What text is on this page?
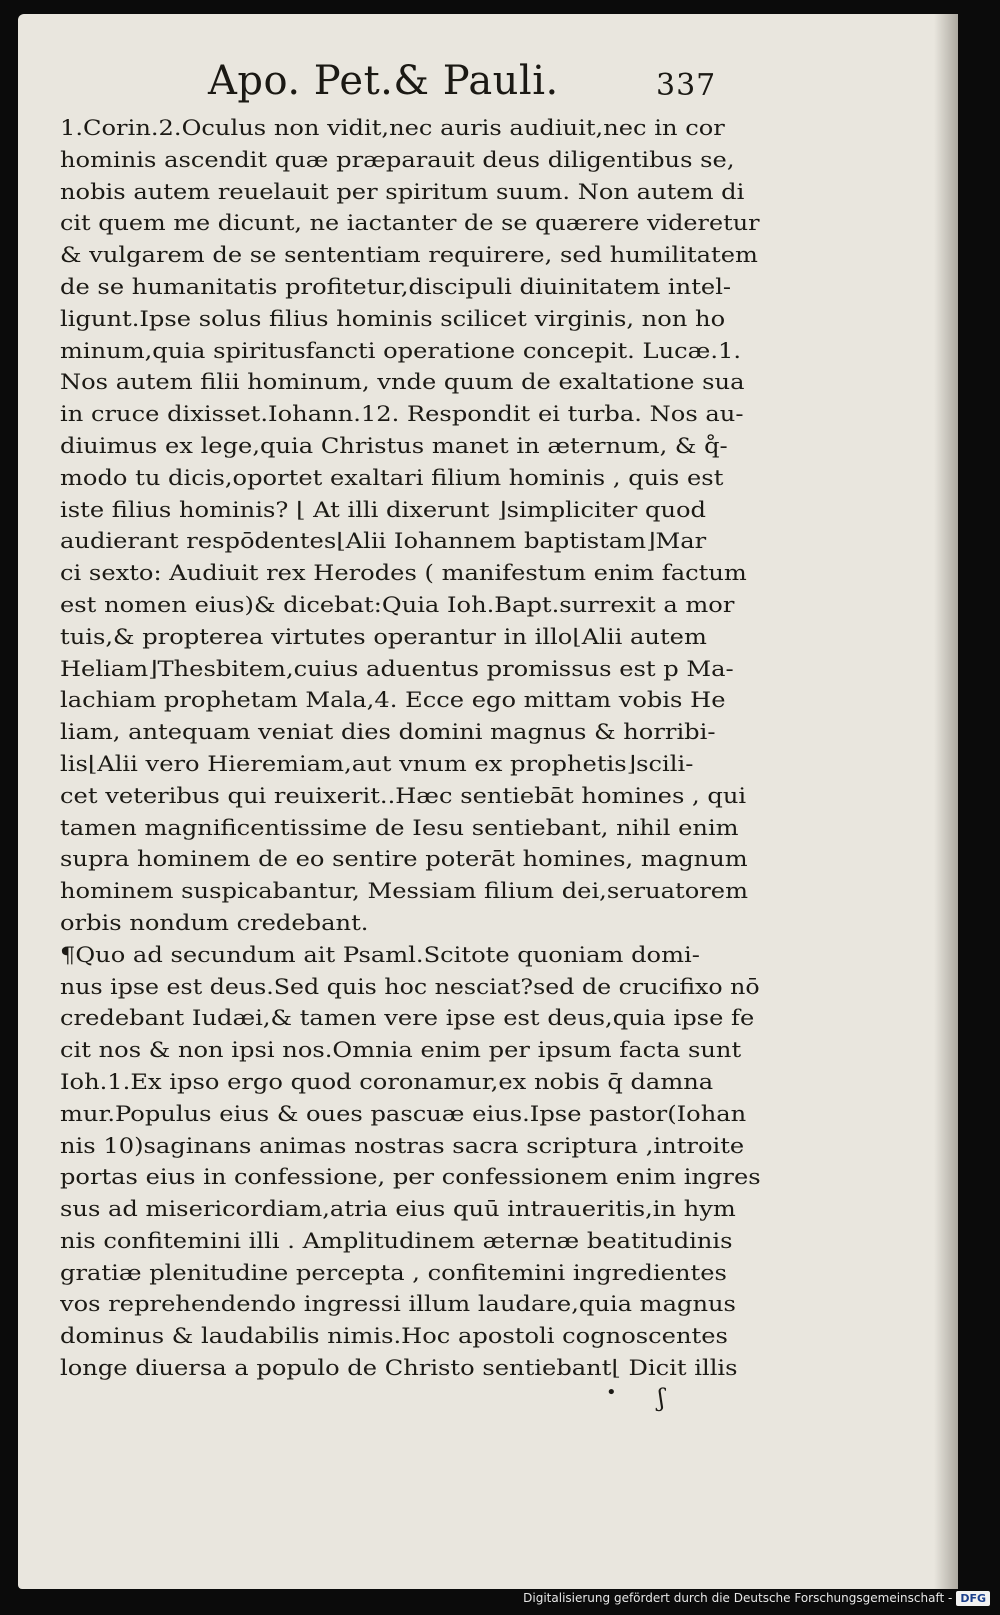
Apo. Pet.& Pauli.	337
1.Corin.2.Oculus non vidit,nec auris audiuit,nec in cor
hominis ascendit quæ præparauit deus diligentibus se,
nobis autem reuelauit per spiritum suum. Non autem di
cit quem me dicunt, ne iactanter de se quærere videretur
& vulgarem de se sententiam requirere, sed humilitatem
de se humanitatis profitetur,discipuli diuinitatem intel-
ligunt.Ipse solus filius hominis scilicet virginis, non ho
minum,quia spiritusfancti operatione concepit. Lucæ.1.
Nos autem filii hominum, vnde quum de exaltatione sua
in cruce dixisset.Iohann.12. Respondit ei turba. Nos au-
diuimus ex lege,quia Christus manet in æternum, & q̊-
modo tu dicis,oportet exaltari filium hominis , quis est
iste filius hominis? ⌊ At illi dixerunt ⌋simpliciter quod
audierant respōdentes⌊Alii Iohannem baptistam⌋Mar
ci sexto: Audiuit rex Herodes ( manifestum enim factum
est nomen eius)& dicebat:Quia Ioh.Bapt.surrexit a mor
tuis,& propterea virtutes operantur in illo⌊Alii autem
Heliam⌋Thesbitem,cuius aduentus promissus est p Ma-
lachiam prophetam Mala,4. Ecce ego mittam vobis He
liam, antequam veniat dies domini magnus & horribi-
lis⌊Alii vero Hieremiam,aut vnum ex prophetis⌋scili-
cet veteribus qui reuixerit..Hæc sentiebāt homines , qui
tamen magnificentissime de Iesu sentiebant, nihil enim
supra hominem de eo sentire poterāt homines, magnum
hominem suspicabantur, Messiam filium dei,seruatorem
orbis nondum credebant.
¶Quo ad secundum ait Psaml.Scitote quoniam domi-
nus ipse est deus.Sed quis hoc nesciat?sed de crucifixo nō
credebant Iudæi,& tamen vere ipse est deus,quia ipse fe
cit nos & non ipsi nos.Omnia enim per ipsum facta sunt
Ioh.1.Ex ipso ergo quod coronamur,ex nobis q̄ damna
mur.Populus eius & oues pascuæ eius.Ipse pastor(Iohan
nis 10)saginans animas nostras sacra scriptura ,introite
portas eius in confessione, per confessionem enim ingres
sus ad misericordiam,atria eius quū intraueritis,in hym
nis confitemini illi . Amplitudinem æternæ beatitudinis
gratiæ plenitudine percepta , confitemini ingredientes
vos reprehendendo ingressi illum laudare,quia magnus
dominus & laudabilis nimis.Hoc apostoli cognoscentes
longe diuersa a populo de Christo sentiebant⌊ Dicit illis
• ʃ
Digitalisierung gefördert durch die Deutsche Forschungsgemeinschaft - DFG
